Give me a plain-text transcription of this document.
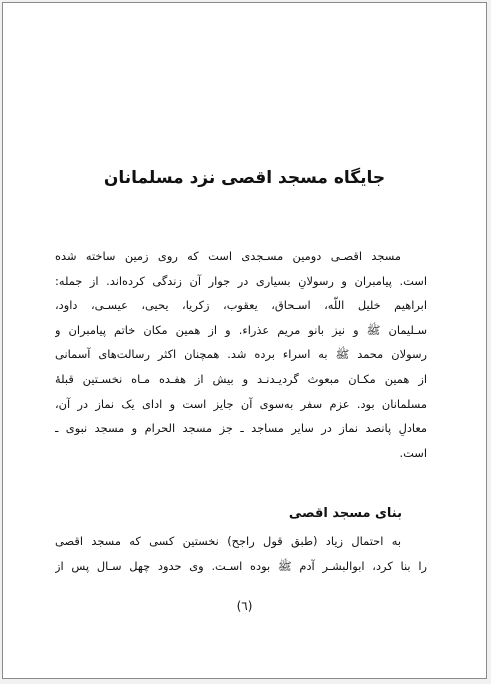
جایگاه مسجد اقصی نزد مسلمانان
مسجد اقصـی دومین مسـجدی است که روی زمین ساخته شده
است. پیامبران و رسولانِ بسیاری در جوار آن زندگی کرده‌اند. از جمله:
ابراهیم خلیل اللّه، اسـحاق، یعقوب، زکریا، یحیی، عیسـی، داود،
سـلیمان ﷺ و نیز بانو مریم عذراء. و از همین مکان خاتم پیامبران و
رسولان محمد ﷺ به اسراء برده شد. همچنان اکثر رسالت‌های آسمانی
از همین مکـان مبعوث گردیـدنـد و بیش از هفـده مـاه نخسـتین قبلهٔ
مسلمانان بود. عزم سفر به‌سوی آن جایز است و ادای یک نماز در آن،
معادلِ پانصد نماز در سایر مساجد ـ جز مسجد الحرام و مسجد نبوی ـ
است.
بنای مسجد اقصی
به احتمال زیاد (طبق قول راجح) نخستین کسی که مسجد اقصی
را بنا کرد، ابوالبشـر آدم ﷺ بوده اسـت. وی حدود چهل سـال پس از
(٦)
